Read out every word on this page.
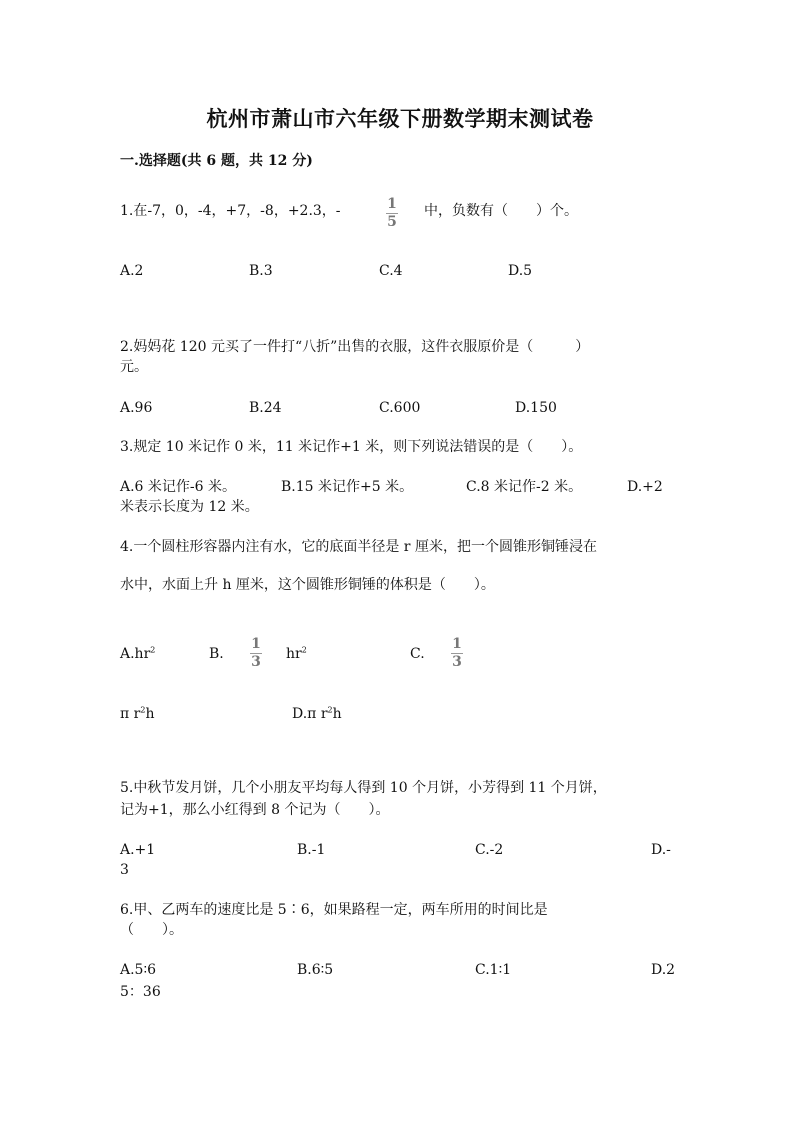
杭州市萧山市六年级下册数学期末测试卷
一.选择题(共 6 题，共 12 分)
1.在-7，0，-4，+7，-8，+2.3，-	1
5
中，负数有（　　）个。
A.2	B.3	C.4	D.5
2.妈妈花 120 元买了一件打“八折”出售的衣服，这件衣服原价是（　　　）
元。
A.96	B.24	C.600	D.150
3.规定 10 米记作 0 米，11 米记作+1 米，则下列说法错误的是（　　）。
A.6 米记作-6 米。	B.15 米记作+5 米。	C.8 米记作-2 米。	D.+2
米表示长度为 12 米。
4.一个圆柱形容器内注有水，它的底面半径是 r 厘米，把一个圆锥形铜锤浸在
水中，水面上升 h 厘米，这个圆锥形铜锤的体积是（　　）。
$A.hr^2$	B.
1
3 $hr^2$	C.
1
3
π $r^2h$	D.π $r^2h$
5.中秋节发月饼，几个小朋友平均每人得到 10 个月饼，小芳得到 11 个月饼，
记为+1，那么小红得到 8 个记为（　　）。
A.+1	B.-1	C.-2	D.-
3
6.甲、乙两车的速度比是 5∶6，如果路程一定，两车所用的时间比是
（　　）。
A.5∶6	B.6∶5	C.1∶1	D.2
5：36
